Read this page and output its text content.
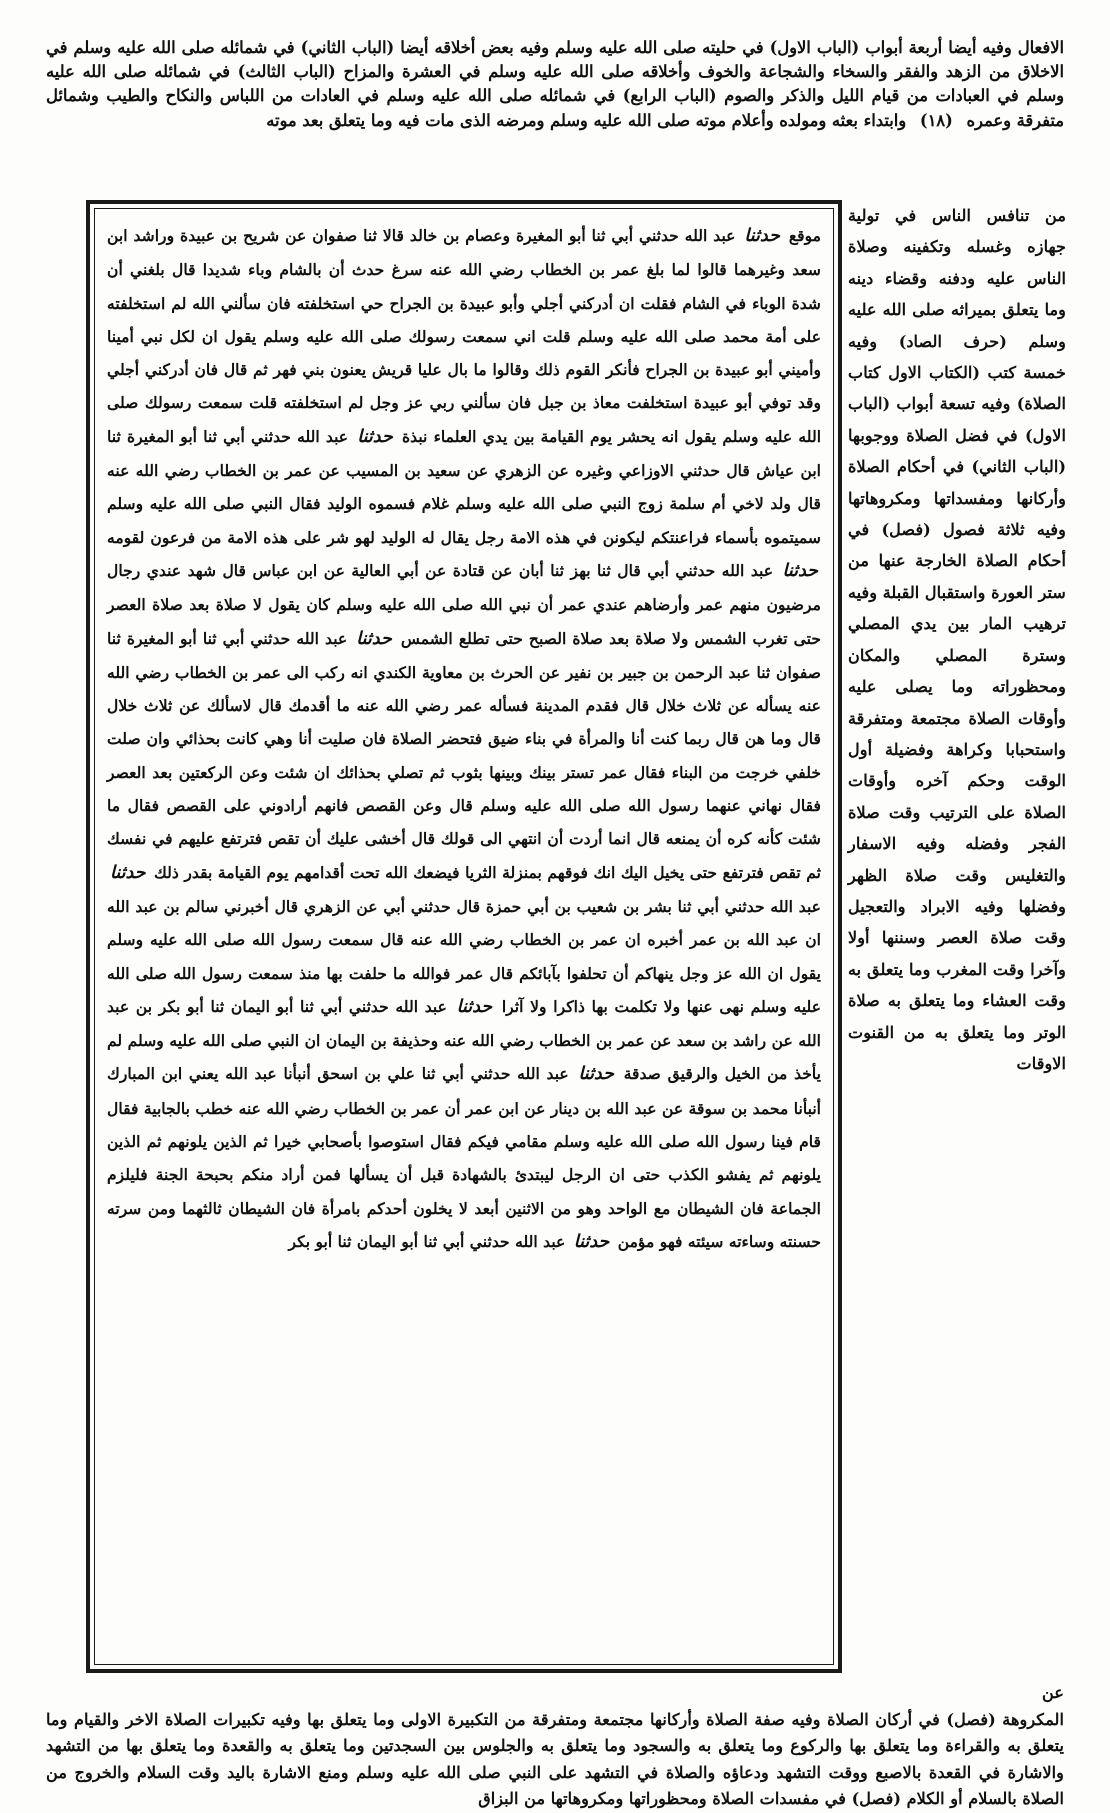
الافعال وفيه أيضا أربعة أبواب (الباب الاول) في حليته صلى الله عليه وسلم وفيه بعض أخلاقه أيضا (الباب الثاني) في شمائله صلى الله عليه وسلم في الاخلاق من الزهد والفقر والسخاء والشجاعة والخوف وأخلاقه صلى الله عليه وسلم في العشرة والمزاح (الباب الثالث) في شمائله صلى الله عليه وسلم في العبادات من قيام الليل والذكر والصوم (الباب الرابع) في شمائله صلى الله عليه وسلم في العادات من اللباس والنكاح والطيب وشمائل متفرقة وعمره (١٨) وابتداء بعثه ومولده وأعلام موته صلى الله عليه وسلم ومرضه الذى مات فيه وما يتعلق بعد موته
موقع حدثنا عبد الله حدثني أبي ثنا أبو المغيرة وعصام بن خالد قالا ثنا صفوان عن شريح بن عبيدة وراشد ابن سعد وغيرهما قالوا لما بلغ عمر بن الخطاب رضي الله عنه سرغ حدث أن بالشام وباء شديدا قال بلغني أن شدة الوباء في الشام فقلت ان أدركني أجلي وأبو عبيدة بن الجراح حي استخلفته فان سألني الله لم استخلفته على أمة محمد صلى الله عليه وسلم قلت اني سمعت رسولك صلى الله عليه وسلم يقول ان لكل نبي أمينا وأميني أبو عبيدة بن الجراح فأنكر القوم ذلك وقالوا ما بال عليا قريش يعنون بني فهر ثم قال فان أدركني أجلي وقد توفي أبو عبيدة استخلفت معاذ بن جبل فان سألني ربي عز وجل لم استخلفته قلت سمعت رسولك صلى الله عليه وسلم يقول انه يحشر يوم القيامة بين يدي العلماء نبذة حدثنا عبد الله حدثني أبي ثنا أبو المغيرة ثنا ابن عياش قال حدثني الاوزاعي وغيره عن الزهري عن سعيد بن المسيب عن عمر بن الخطاب رضي الله عنه قال ولد لاخي أم سلمة زوج النبي صلى الله عليه وسلم غلام فسموه الوليد فقال النبي صلى الله عليه وسلم سميتموه بأسماء فراعنتكم ليكونن في هذه الامة رجل يقال له الوليد لهو شر على هذه الامة من فرعون لقومه حدثنا عبد الله حدثني أبي قال ثنا بهز ثنا أبان عن قتادة عن أبي العالية عن ابن عباس قال شهد عندي رجال مرضيون منهم عمر وأرضاهم عندي عمر أن نبي الله صلى الله عليه وسلم كان يقول لا صلاة بعد صلاة العصر حتى تغرب الشمس ولا صلاة بعد صلاة الصبح حتى تطلع الشمس حدثنا عبد الله حدثني أبي ثنا أبو المغيرة ثنا صفوان ثنا عبد الرحمن بن جبير بن نفير عن الحرث بن معاوية الكندي انه ركب الى عمر بن الخطاب رضي الله عنه يسأله عن ثلاث خلال قال فقدم المدينة فسأله عمر رضي الله عنه ما أقدمك قال لاسألك عن ثلاث خلال قال وما هن قال ربما كنت أنا والمرأة في بناء ضيق فتحضر الصلاة فان صليت أنا وهي كانت بحذائي وان صلت خلفي خرجت من البناء فقال عمر تستر بينك وبينها بثوب ثم تصلي بحذائك ان شئت وعن الركعتين بعد العصر فقال نهاني عنهما رسول الله صلى الله عليه وسلم قال وعن القصص فانهم أرادوني على القصص فقال ما شئت كأنه كره أن يمنعه قال انما أردت أن انتهي الى قولك قال أخشى عليك أن تقص فترتفع عليهم في نفسك ثم تقص فترتفع حتى يخيل اليك انك فوقهم بمنزلة الثريا فيضعك الله تحت أقدامهم يوم القيامة بقدر ذلك حدثنا عبد الله حدثني أبي ثنا بشر بن شعيب بن أبي حمزة قال حدثني أبي عن الزهري قال أخبرني سالم بن عبد الله ان عبد الله بن عمر أخبره ان عمر بن الخطاب رضي الله عنه قال سمعت رسول الله صلى الله عليه وسلم يقول ان الله عز وجل ينهاكم أن تحلفوا بآبائكم قال عمر فوالله ما حلفت بها منذ سمعت رسول الله صلى الله عليه وسلم نهى عنها ولا تكلمت بها ذاكرا ولا آثرا حدثنا عبد الله حدثني أبي ثنا أبو اليمان ثنا أبو بكر بن عبد الله عن راشد بن سعد عن عمر بن الخطاب رضي الله عنه وحذيفة بن اليمان ان النبي صلى الله عليه وسلم لم يأخذ من الخيل والرقيق صدقة حدثنا عبد الله حدثني أبي ثنا علي بن اسحق أنبأنا عبد الله يعني ابن المبارك أنبأنا محمد بن سوقة عن عبد الله بن دينار عن ابن عمر أن عمر بن الخطاب رضي الله عنه خطب بالجابية فقال قام فينا رسول الله صلى الله عليه وسلم مقامي فيكم فقال استوصوا بأصحابي خيرا ثم الذين يلونهم ثم الذين يلونهم ثم يفشو الكذب حتى ان الرجل ليبتدئ بالشهادة قبل أن يسألها فمن أراد منكم بحبحة الجنة فليلزم الجماعة فان الشيطان مع الواحد وهو من الاثنين أبعد لا يخلون أحدكم بامرأة فان الشيطان ثالثهما ومن سرته حسنته وساءته سيئته فهو مؤمن حدثنا عبد الله حدثني أبي ثنا أبو اليمان ثنا أبو بكر
من تنافس الناس في تولية جهازه وغسله وتكفينه وصلاة الناس عليه ودفنه وقضاء دينه وما يتعلق بميراثه صلى الله عليه وسلم (حرف الصاد) وفيه خمسة كتب (الكتاب الاول كتاب الصلاة) وفيه تسعة أبواب (الباب الاول) في فضل الصلاة ووجوبها (الباب الثاني) في أحكام الصلاة وأركانها ومفسداتها ومكروهاتها وفيه ثلاثة فصول (فصل) في أحكام الصلاة الخارجة عنها من ستر العورة واستقبال القبلة وفيه ترهيب المار بين يدي المصلي وسترة المصلي والمكان ومحظوراته وما يصلى عليه وأوقات الصلاة مجتمعة ومتفرقة واستحبابا وكراهة وفضيلة أول الوقت وحكم آخره وأوقات الصلاة على الترتيب وقت صلاة الفجر وفضله وفيه الاسفار والتغليس وقت صلاة الظهر وفضلها وفيه الابراد والتعجيل وقت صلاة العصر وسننها أولا وآخرا وقت المغرب وما يتعلق به وقت العشاء وما يتعلق به صلاة الوتر وما يتعلق به من القنوت الاوقات
عن المكروهة (فصل) في أركان الصلاة وفيه صفة الصلاة وأركانها مجتمعة ومتفرقة من التكبيرة الاولى وما يتعلق بها وفيه تكبيرات الصلاة الاخر والقيام وما يتعلق به والقراءة وما يتعلق بها والركوع وما يتعلق به والسجود وما يتعلق به والجلوس بين السجدتين وما يتعلق به والقعدة وما يتعلق بها من التشهد والاشارة في القعدة بالاصبع ووقت التشهد ودعاؤه والصلاة في التشهد على النبي صلى الله عليه وسلم ومنع الاشارة باليد وقت السلام والخروج من الصلاة بالسلام أو الكلام (فصل) في مفسدات الصلاة ومحظوراتها ومكروهاتها من البزاق
